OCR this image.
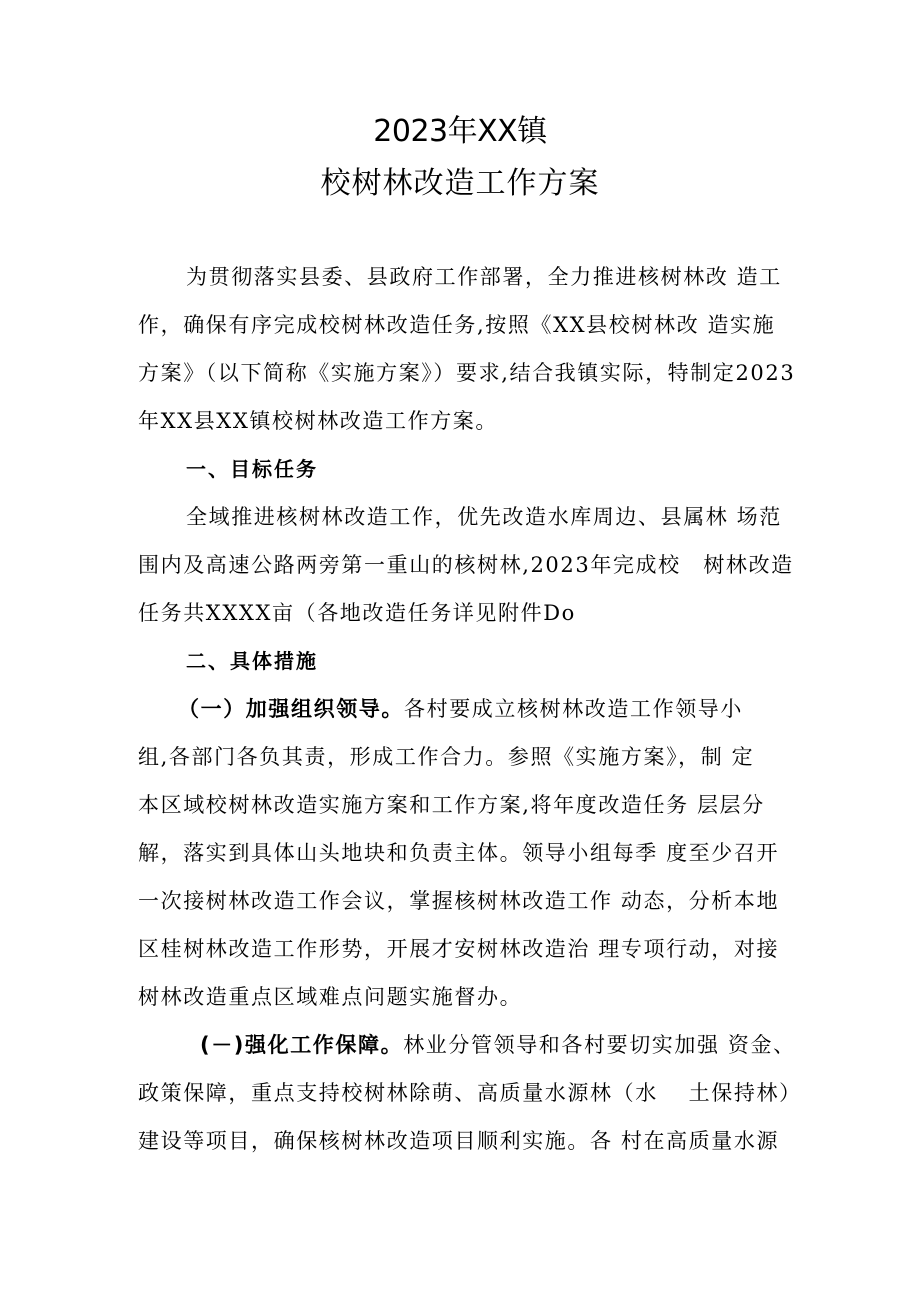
2023年XX镇
校树林改造工作方案
为贯彻落实县委、县政府工作部署，全力推进核树林改 造工
作，确保有序完成校树林改造任务,按照《XX县校树林改 造实施
方案》（以下简称《实施方案》）要求,结合我镇实际，特制定2023
年XX县XX镇校树林改造工作方案。
一、目标任务
全域推进核树林改造工作，优先改造水库周边、县属林 场范
围内及高速公路两旁第一重山的核树林,2023年完成校　树林改造
任务共XXXX亩（各地改造任务详见附件Do
二、具体措施
（一）加强组织领导。各村要成立核树林改造工作领导小
组,各部门各负其责，形成工作合力。参照《实施方案》，制 定
本区域校树林改造实施方案和工作方案,将年度改造任务 层层分
解，落实到具体山头地块和负责主体。领导小组每季 度至少召开
一次接树林改造工作会议，掌握核树林改造工作 动态，分析本地
区桂树林改造工作形势，开展才安树林改造治 理专项行动，对接
树林改造重点区域难点问题实施督办。
(－)强化工作保障。林业分管领导和各村要切实加强 资金、
政策保障，重点支持校树林除萌、高质量水源林（水　 土保持林）
建设等项目，确保核树林改造项目顺利实施。各 村在高质量水源
